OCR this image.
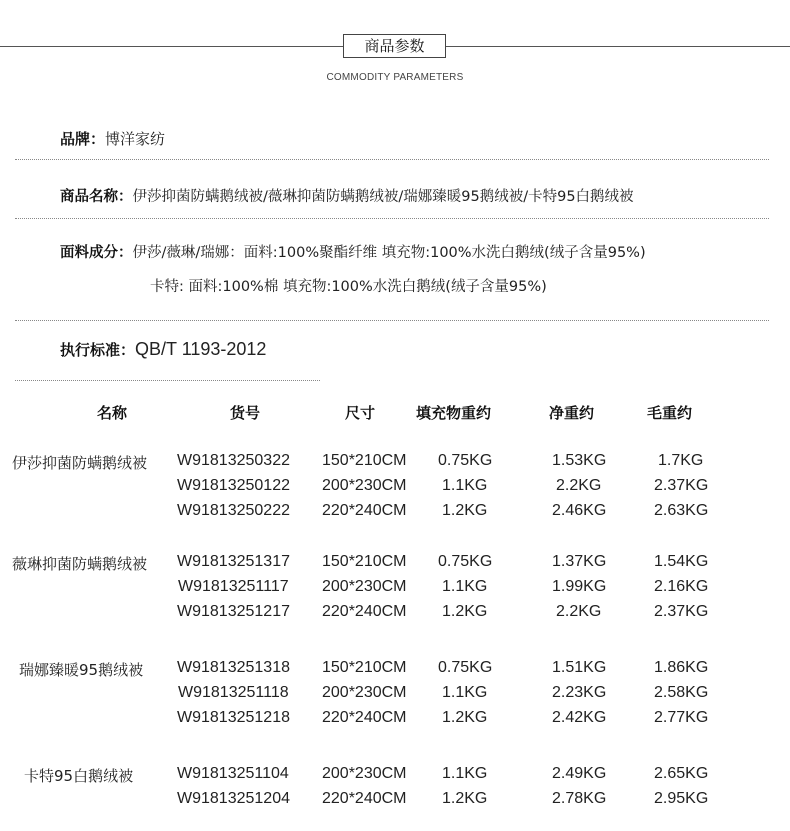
商品参数
COMMODITY PARAMETERS
品牌：博洋家纺
商品名称：伊莎抑菌防螨鹅绒被/薇琳抑菌防螨鹅绒被/瑞娜臻暖95鹅绒被/卡特95白鹅绒被
面料成分：伊莎/薇琳/瑞娜：面料:100%聚酯纤维 填充物:100%水洗白鹅绒(绒子含量95%)
卡特: 面料:100%棉 填充物:100%水洗白鹅绒(绒子含量95%)
执行标准：QB/T 1193-2012
名称	货号	尺寸	填充物重约	净重约	毛重约
伊莎抑菌防螨鹅绒被 W91813250322 150*210CM 0.75KG	1.53KG	1.7KG
W91813250122 200*230CM 1.1KG	2.2KG	2.37KG
W91813250222 220*240CM 1.2KG	2.46KG	2.63KG
薇琳抑菌防螨鹅绒被 W91813251317 150*210CM 0.75KG	1.37KG	1.54KG
W91813251117 200*230CM 1.1KG	1.99KG	2.16KG
W91813251217 220*240CM 1.2KG	2.2KG	2.37KG
瑞娜臻暖95鹅绒被 W91813251318 150*210CM 0.75KG	1.51KG	1.86KG
W91813251118 200*230CM 1.1KG	2.23KG	2.58KG
W91813251218 220*240CM 1.2KG	2.42KG	2.77KG
卡特95白鹅绒被	W91813251104 200*230CM 1.1KG	2.49KG	2.65KG
W91813251204 220*240CM 1.2KG	2.78KG	2.95KG
